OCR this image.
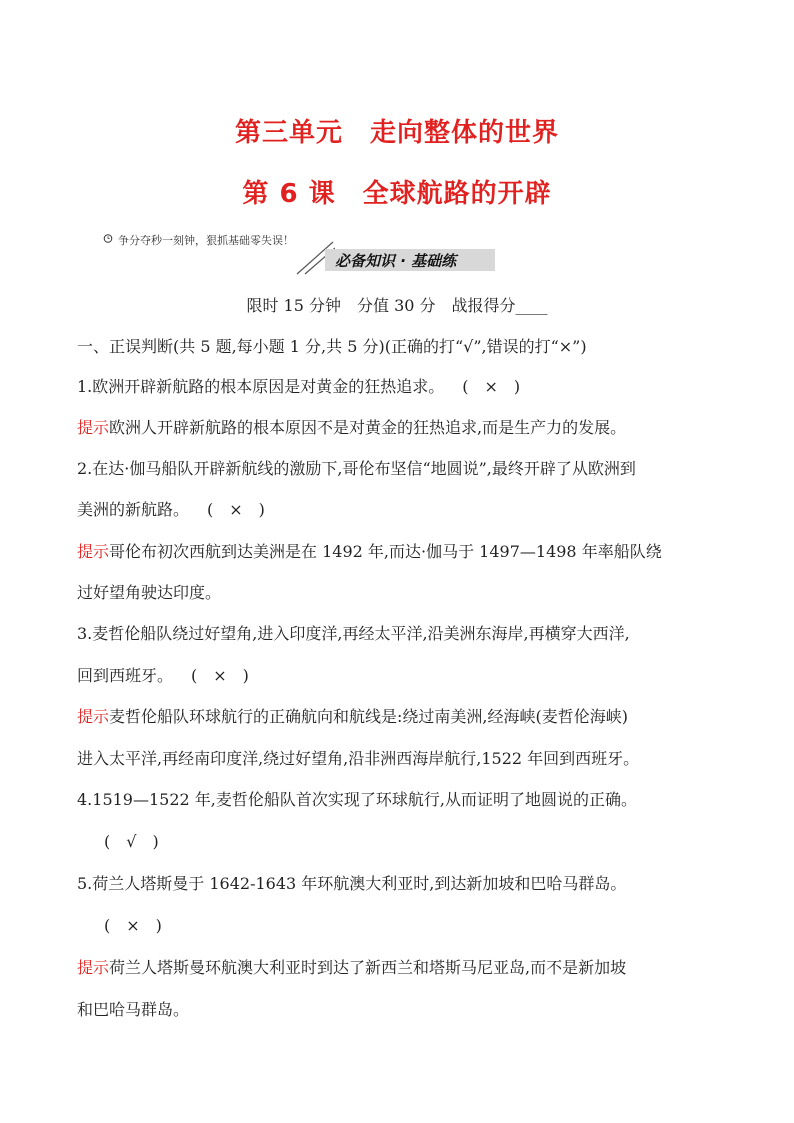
第三单元　走向整体的世界
第 6 课　全球航路的开辟
争分夺秒一刻钟，狠抓基础零失误！
必备知识 · 基础练
限时 15 分钟　分值 30 分　战报得分____
一、正误判断(共 5 题,每小题 1 分,共 5 分)(正确的打“√”,错误的打“×”)
1.欧洲开辟新航路的根本原因是对黄金的狂热追求。 (　×　)
提示欧洲人开辟新航路的根本原因不是对黄金的狂热追求,而是生产力的发展。
2.在达·伽马船队开辟新航线的激励下,哥伦布坚信“地圆说”,最终开辟了从欧洲到
美洲的新航路。 (　×　)
提示哥伦布初次西航到达美洲是在 1492 年,而达·伽马于 1497—1498 年率船队绕
过好望角驶达印度。
3.麦哲伦船队绕过好望角,进入印度洋,再经太平洋,沿美洲东海岸,再横穿大西洋,
回到西班牙。 (　×　)
提示麦哲伦船队环球航行的正确航向和航线是:绕过南美洲,经海峡(麦哲伦海峡)
进入太平洋,再经南印度洋,绕过好望角,沿非洲西海岸航行,1522 年回到西班牙。
4.1519—1522 年,麦哲伦船队首次实现了环球航行,从而证明了地圆说的正确。
(　√　)
5.荷兰人塔斯曼于 1642-1643 年环航澳大利亚时,到达新加坡和巴哈马群岛。
(　×　)
提示荷兰人塔斯曼环航澳大利亚时到达了新西兰和塔斯马尼亚岛,而不是新加坡
和巴哈马群岛。
